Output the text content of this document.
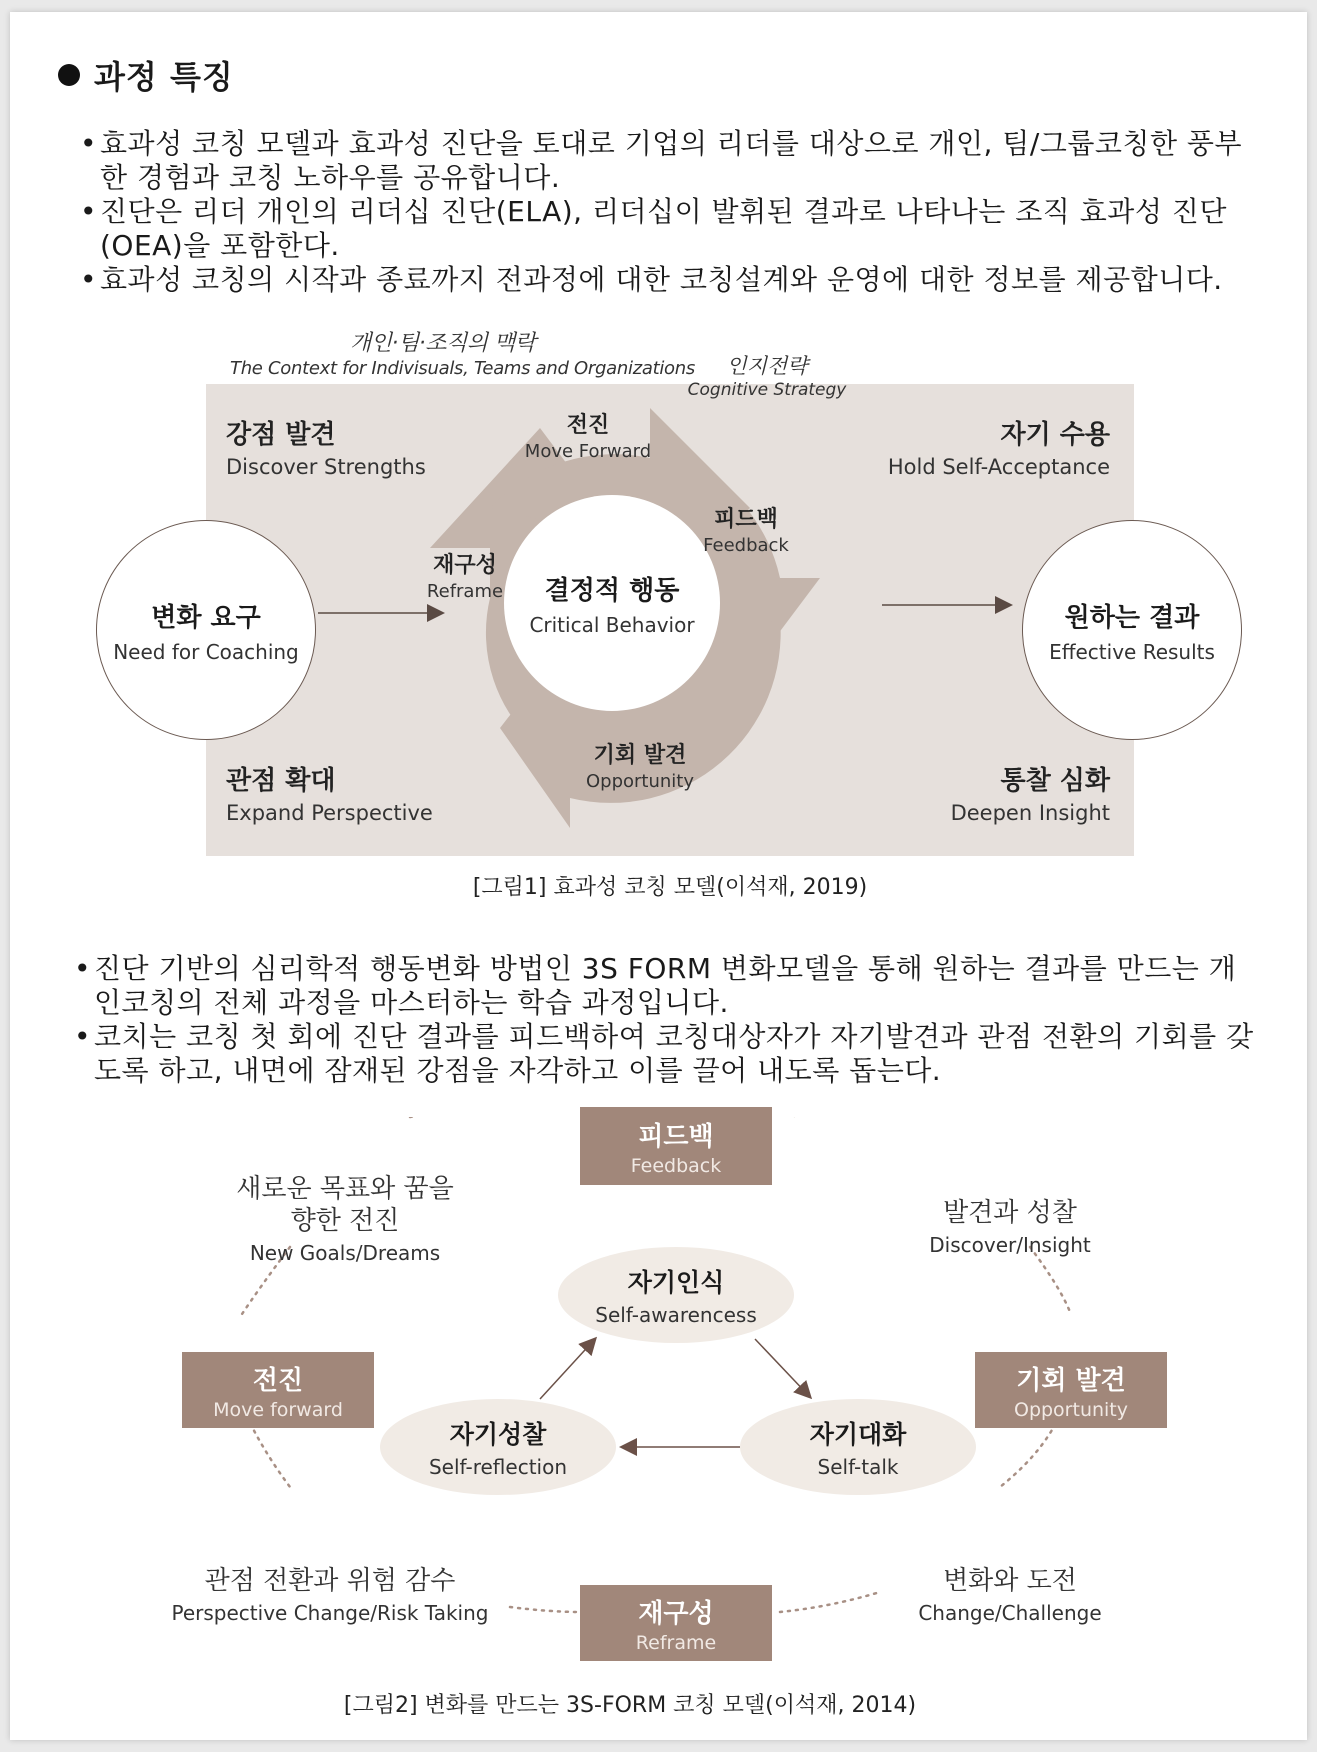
과정 특징
• 효과성 코칭 모델과 효과성 진단을 토대로 기업의 리더를 대상으로 개인, 팀/그룹코칭한 풍부한 경험과 코칭 노하우를 공유합니다.
• 진단은 리더 개인의 리더십 진단(ELA), 리더십이 발휘된 결과로 나타나는 조직 효과성 진단(OEA)을 포함한다.
• 효과성 코칭의 시작과 종료까지 전과정에 대한 코칭설계와 운영에 대한 정보를 제공합니다.
개인·팀·조직의 맥락
The Context for Indivisuals, Teams and Organizations
강점 발견
Discover Strengths
자기 수용
Hold Self-Acceptance
관점 확대
Expand Perspective
통찰 심화
Deepen Insight
결정적 행동
Critical Behavior
인지전략
Cognitive Strategy
전진
Move Forward
피드백
Feedback
기회 발견
Opportunity
재구성
Reframe
변화 요구
Need for Coaching
원하는 결과
Effective Results
[그림1] 효과성 코칭 모델(이석재, 2019)
• 진단 기반의 심리학적 행동변화 방법인 3S FORM 변화모델을 통해 원하는 결과를 만드는 개인코칭의 전체 과정을 마스터하는 학습 과정입니다.
• 코치는 코칭 첫 회에 진단 결과를 피드백하여 코칭대상자가 자기발견과 관점 전환의 기회를 갖도록 하고, 내면에 잠재된 강점을 자각하고 이를 끌어 내도록 돕는다.
피드백
Feedback
전진
Move forward
기회 발견
Opportunity
재구성
Reframe
새로운 목표와 꿈을 향한 전진
New Goals/Dreams
발견과 성찰
Discover/Insight
관점 전환과 위험 감수
Perspective Change/Risk Taking
변화와 도전
Change/Challenge
자기인식
Self-awarencess
자기성찰
Self-reflection
자기대화
Self-talk
[그림2] 변화를 만드는 3S-FORM 코칭 모델(이석재, 2014)
